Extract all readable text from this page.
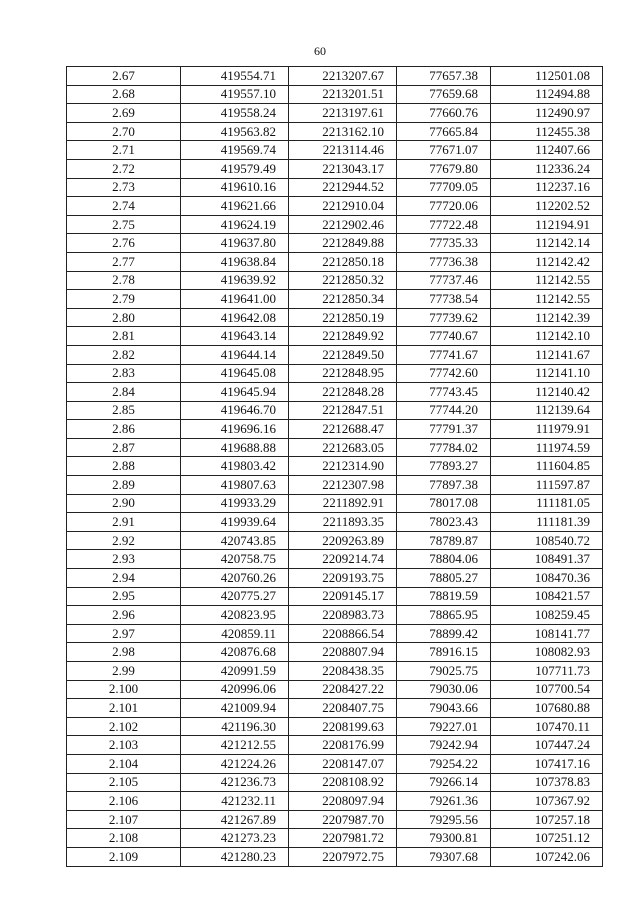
60
2.67	419554.71	2213207.67	77657.38	112501.08
2.68	419557.10	2213201.51	77659.68	112494.88
2.69	419558.24	2213197.61	77660.76	112490.97
2.70	419563.82	2213162.10	77665.84	112455.38
2.71	419569.74	2213114.46	77671.07	112407.66
2.72	419579.49	2213043.17	77679.80	112336.24
2.73	419610.16	2212944.52	77709.05	112237.16
2.74	419621.66	2212910.04	77720.06	112202.52
2.75	419624.19	2212902.46	77722.48	112194.91
2.76	419637.80	2212849.88	77735.33	112142.14
2.77	419638.84	2212850.18	77736.38	112142.42
2.78	419639.92	2212850.32	77737.46	112142.55
2.79	419641.00	2212850.34	77738.54	112142.55
2.80	419642.08	2212850.19	77739.62	112142.39
2.81	419643.14	2212849.92	77740.67	112142.10
2.82	419644.14	2212849.50	77741.67	112141.67
2.83	419645.08	2212848.95	77742.60	112141.10
2.84	419645.94	2212848.28	77743.45	112140.42
2.85	419646.70	2212847.51	77744.20	112139.64
2.86	419696.16	2212688.47	77791.37	111979.91
2.87	419688.88	2212683.05	77784.02	111974.59
2.88	419803.42	2212314.90	77893.27	111604.85
2.89	419807.63	2212307.98	77897.38	111597.87
2.90	419933.29	2211892.91	78017.08	111181.05
2.91	419939.64	2211893.35	78023.43	111181.39
2.92	420743.85	2209263.89	78789.87	108540.72
2.93	420758.75	2209214.74	78804.06	108491.37
2.94	420760.26	2209193.75	78805.27	108470.36
2.95	420775.27	2209145.17	78819.59	108421.57
2.96	420823.95	2208983.73	78865.95	108259.45
2.97	420859.11	2208866.54	78899.42	108141.77
2.98	420876.68	2208807.94	78916.15	108082.93
2.99	420991.59	2208438.35	79025.75	107711.73
2.100	420996.06	2208427.22	79030.06	107700.54
2.101	421009.94	2208407.75	79043.66	107680.88
2.102	421196.30	2208199.63	79227.01	107470.11
2.103	421212.55	2208176.99	79242.94	107447.24
2.104	421224.26	2208147.07	79254.22	107417.16
2.105	421236.73	2208108.92	79266.14	107378.83
2.106	421232.11	2208097.94	79261.36	107367.92
2.107	421267.89	2207987.70	79295.56	107257.18
2.108	421273.23	2207981.72	79300.81	107251.12
2.109	421280.23	2207972.75	79307.68	107242.06
